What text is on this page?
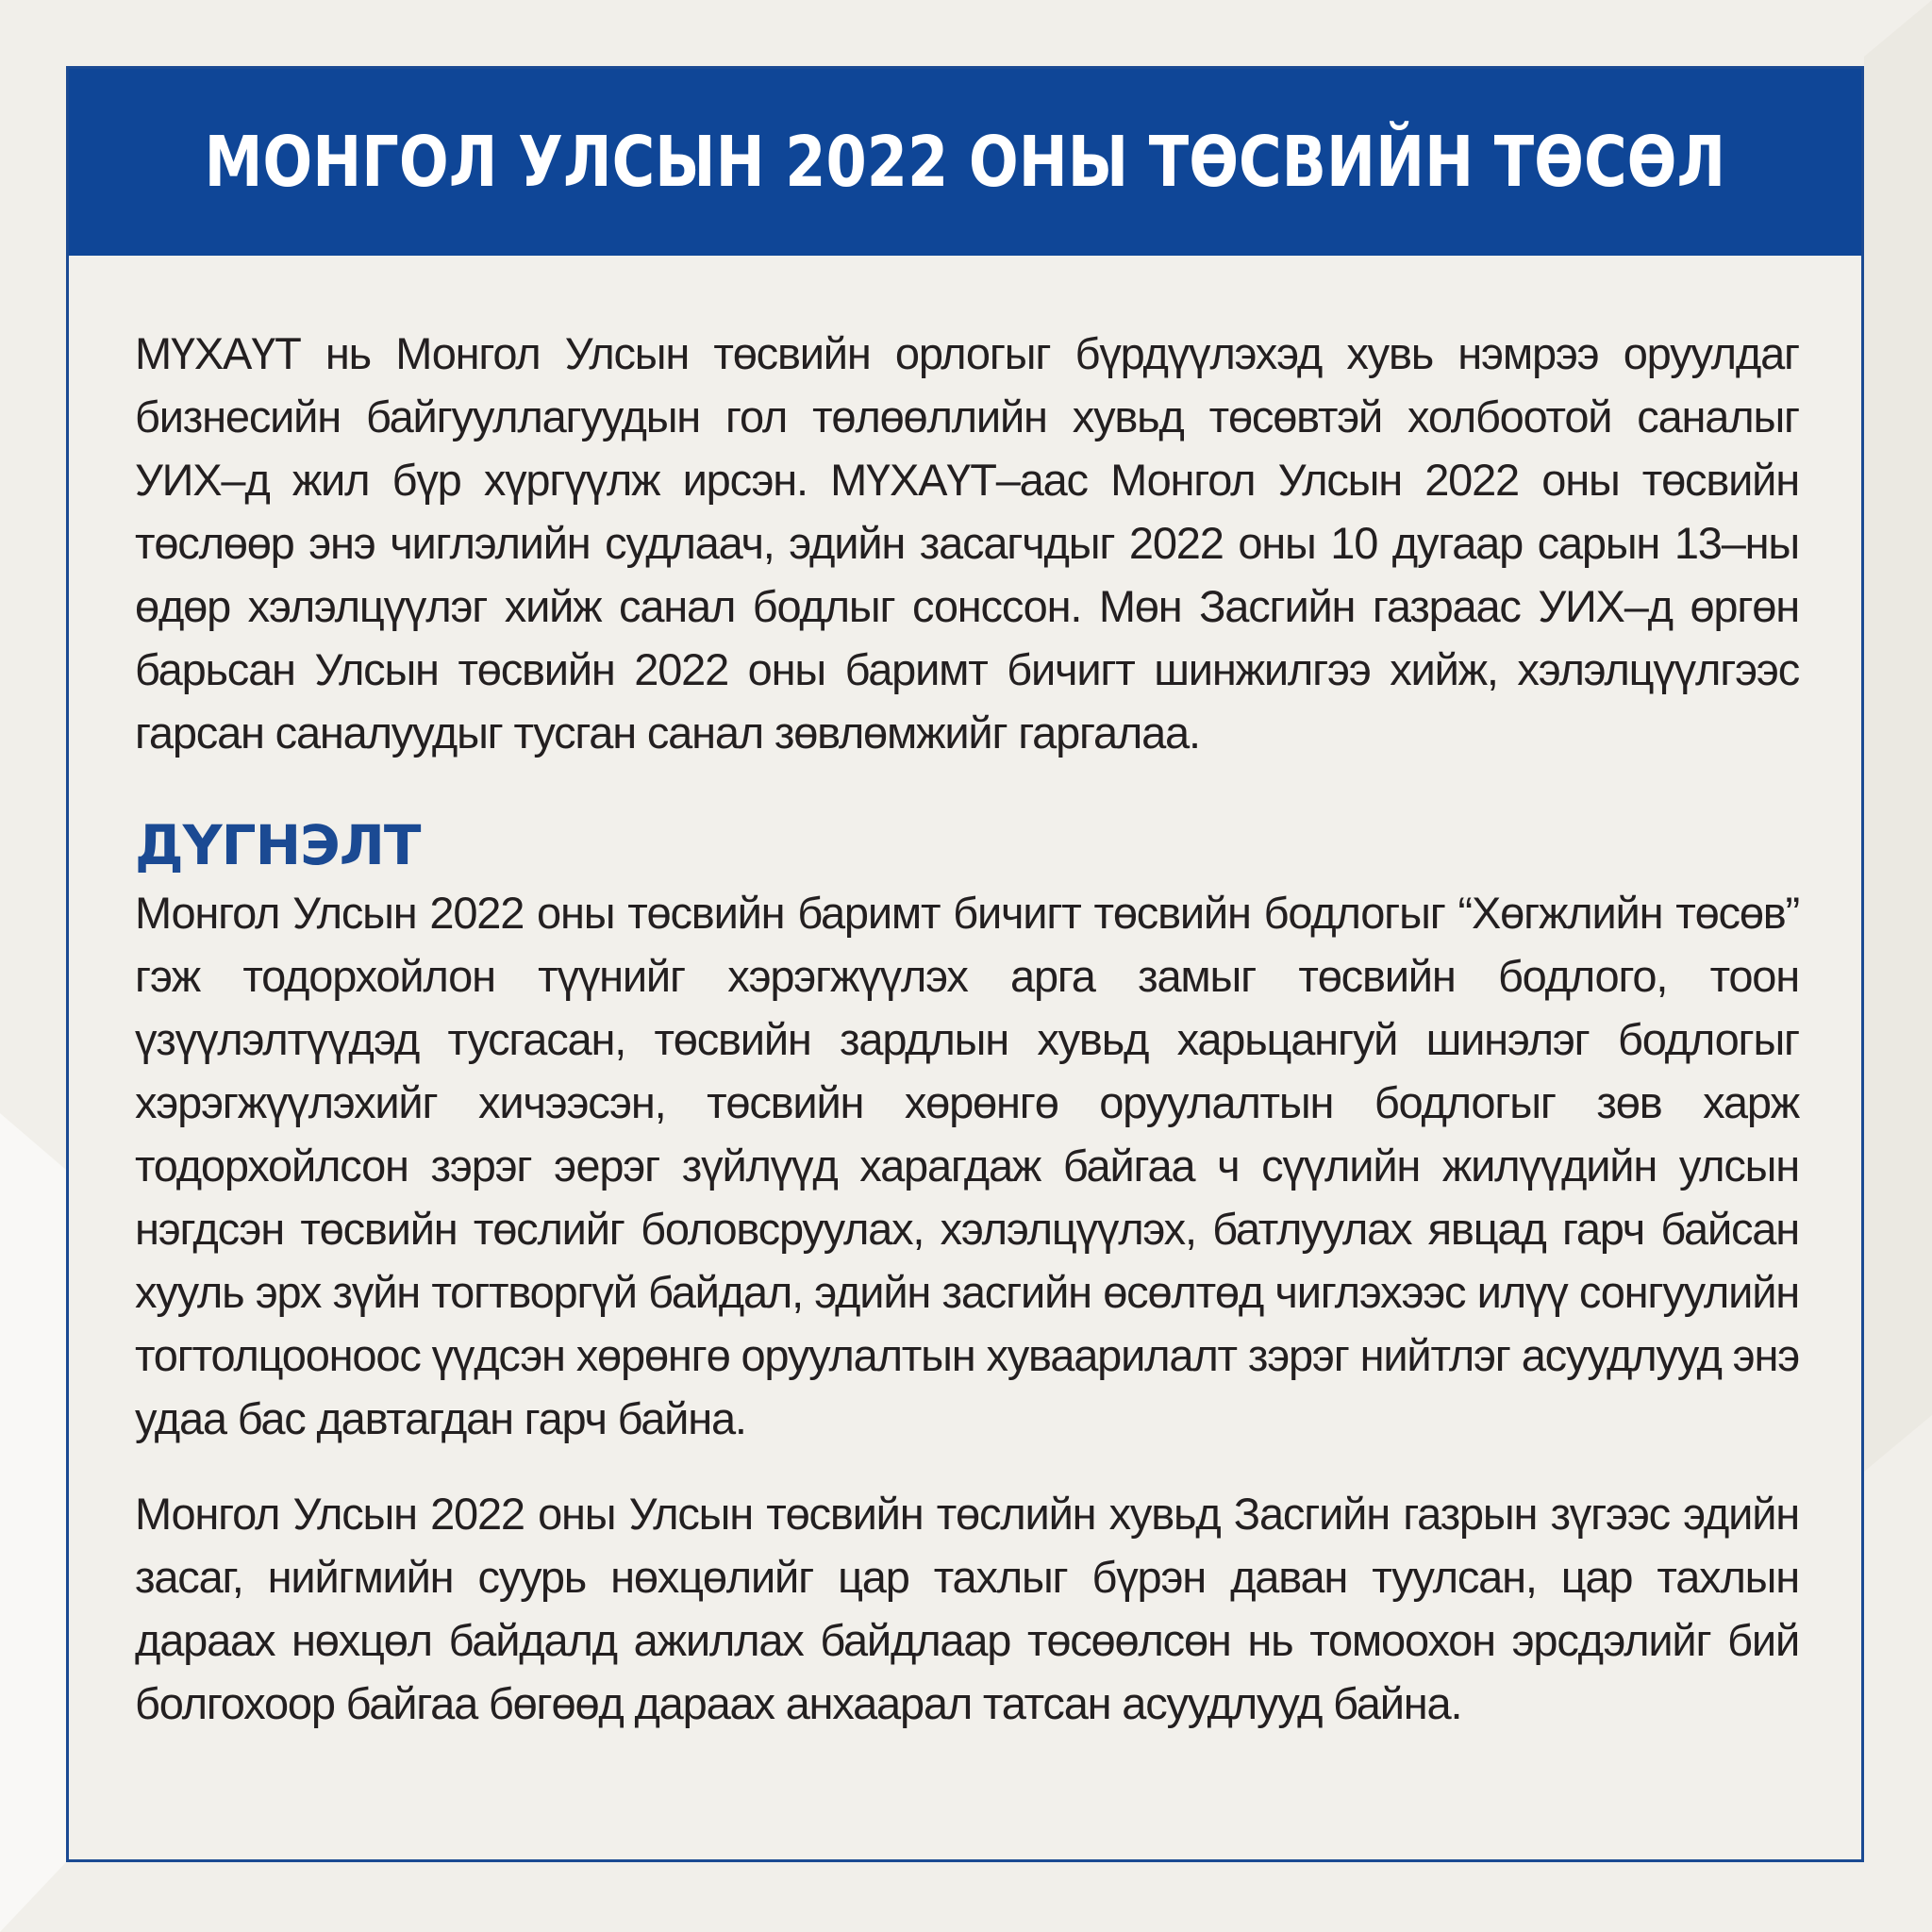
МОНГОЛ УЛСЫН 2022 ОНЫ ТӨСВИЙН ТӨСӨЛ

МҮХАҮТ нь Монгол Улсын төсвийн орлогыг бүрдүүлэхэд хувь нэмрээ оруулдаг бизнесийн байгууллагуудын гол төлөөллийн хувьд төсөвтэй холбоотой саналыг УИХ–д жил бүр хүргүүлж ирсэн. МҮХАҮТ–аас Монгол Улсын 2022 оны төсвийн төслөөр энэ чиглэлийн судлаач, эдийн засагчдыг 2022 оны 10 дугаар сарын 13–ны өдөр хэлэлцүүлэг хийж санал бодлыг сонссон. Мөн Засгийн газраас УИХ–д өргөн барьсан Улсын төсвийн 2022 оны баримт бичигт шинжилгээ хийж, хэлэлцүүлгээс гарсан саналуудыг тусган санал зөвлөмжийг гаргалаа.

ДҮГНЭЛТ

Монгол Улсын 2022 оны төсвийн баримт бичигт төсвийн бодлогыг “Хөгжлийн төсөв” гэж тодорхойлон түүнийг хэрэгжүүлэх арга замыг төсвийн бодлого, тоон үзүүлэлтүүдэд тусгасан, төсвийн зардлын хувьд харьцангуй шинэлэг бодлогыг хэрэгжүүлэхийг хичээсэн, төсвийн хөрөнгө оруулалтын бодлогыг зөв харж тодорхойлсон зэрэг эерэг зүйлүүд харагдаж байгаа ч сүүлийн жилүүдийн улсын нэгдсэн төсвийн төслийг боловсруулах, хэлэлцүүлэх, батлуулах явцад гарч байсан хууль эрх зүйн тогтворгүй байдал, эдийн засгийн өсөлтөд чиглэхээс илүү сонгуулийн тогтолцооноос үүдсэн хөрөнгө оруулалтын хуваарилалт зэрэг нийтлэг асуудлууд энэ удаа бас давтагдан гарч байна.

Монгол Улсын 2022 оны Улсын төсвийн төслийн хувьд Засгийн газрын зүгээс эдийн засаг, нийгмийн суурь нөхцөлийг цар тахлыг бүрэн даван туулсан, цар тахлын дараах нөхцөл байдалд ажиллах байдлаар төсөөлсөн нь томоохон эрсдэлийг бий болгохоор байгаа бөгөөд дараах анхаарал татсан асуудлууд байна.
